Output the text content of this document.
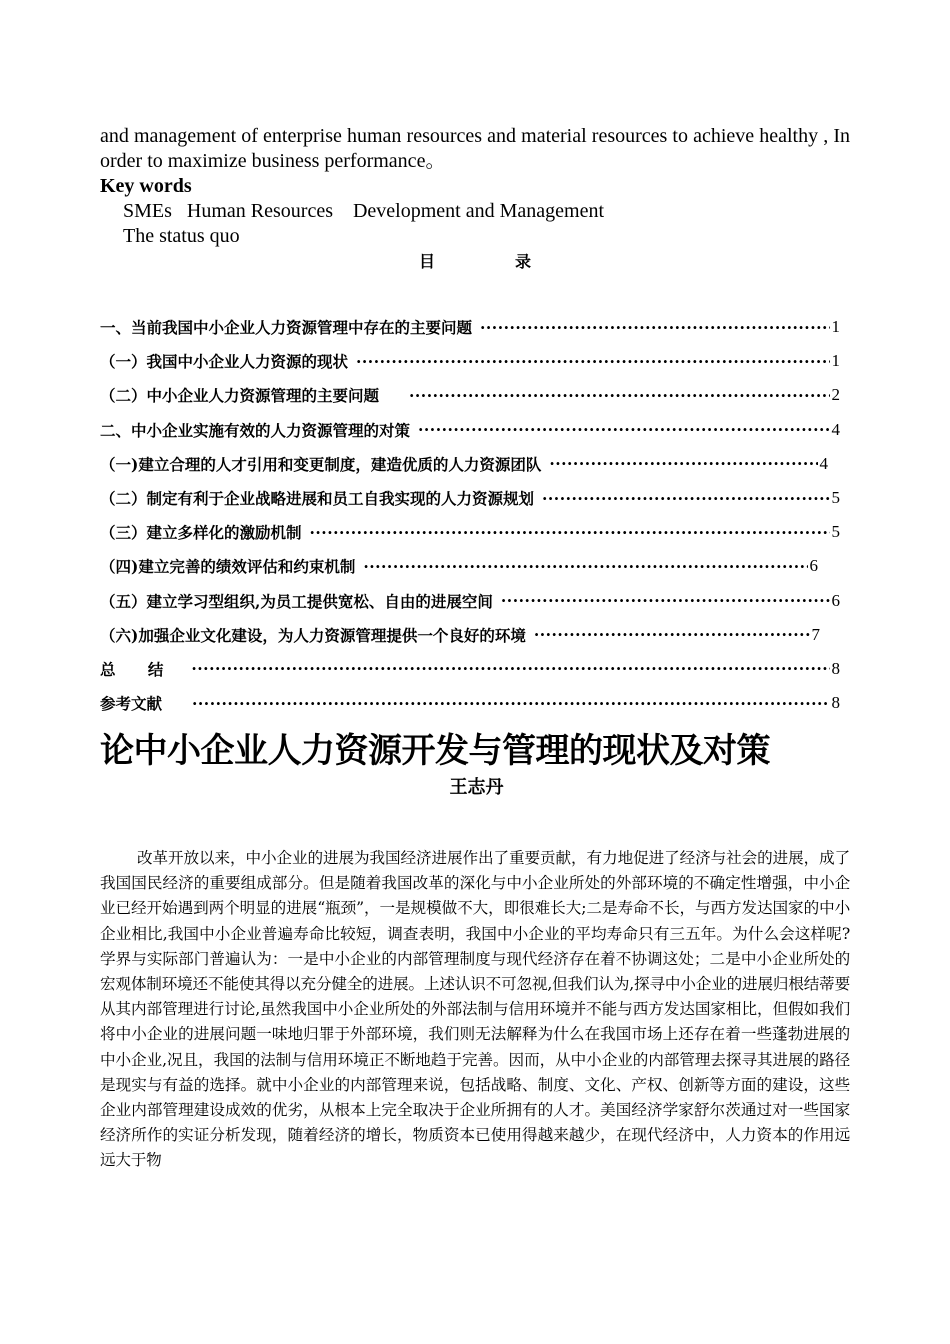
and management of enterprise human resources and material resources to achieve healthy , In order to maximize business performance。
Key words
SMEs   Human Resources    Development and Management
The status quo
目	录
一、当前我国中小企业人力资源管理中存在的主要问题 ·····	1
（一）我国中小企业人力资源的现状 ·····	1
（二）中小企业人力资源管理的主要问题 ·····	2
二、中小企业实施有效的人力资源管理的对策 ·····	4
（一)建立合理的人才引用和变更制度，建造优质的人力资源团队 ·····	4
（二）制定有利于企业战略进展和员工自我实现的人力资源规划 ·····	5
（三）建立多样化的激励机制 ·····	5
（四)建立完善的绩效评估和约束机制 ·····	6
（五）建立学习型组织,为员工提供宽松、自由的进展空间 ·····	6
（六)加强企业文化建设，为人力资源管理提供一个良好的环境 ·····	7
总      结 ·····	8
参考文献 ·····	8
论中小企业人力资源开发与管理的现状及对策
王志丹
改革开放以来，中小企业的进展为我国经济进展作出了重要贡献，有力地促进了经济与社会的进展，成了我国国民经济的重要组成部分。但是随着我国改革的深化与中小企业所处的外部环境的不确定性增强，中小企业已经开始遇到两个明显的进展“瓶颈”，一是规模做不大，即很难长大;二是寿命不长，与西方发达国家的中小企业相比,我国中小企业普遍寿命比较短，调查表明，我国中小企业的平均寿命只有三五年。为什么会这样呢?学界与实际部门普遍认为：一是中小企业的内部管理制度与现代经济存在着不协调这处；二是中小企业所处的宏观体制环境还不能使其得以充分健全的进展。上述认识不可忽视,但我们认为,探寻中小企业的进展归根结蒂要从其内部管理进行讨论,虽然我国中小企业所处的外部法制与信用环境并不能与西方发达国家相比，但假如我们将中小企业的进展问题一味地归罪于外部环境，我们则无法解释为什么在我国市场上还存在着一些蓬勃进展的中小企业,况且，我国的法制与信用环境正不断地趋于完善。因而，从中小企业的内部管理去探寻其进展的路径是现实与有益的选择。就中小企业的内部管理来说，包括战略、制度、文化、产权、创新等方面的建设，这些企业内部管理建设成效的优劣，从根本上完全取决于企业所拥有的人才。美国经济学家舒尔茨通过对一些国家经济所作的实证分析发现，随着经济的增长，物质资本已使用得越来越少，在现代经济中，人力资本的作用远远大于物
